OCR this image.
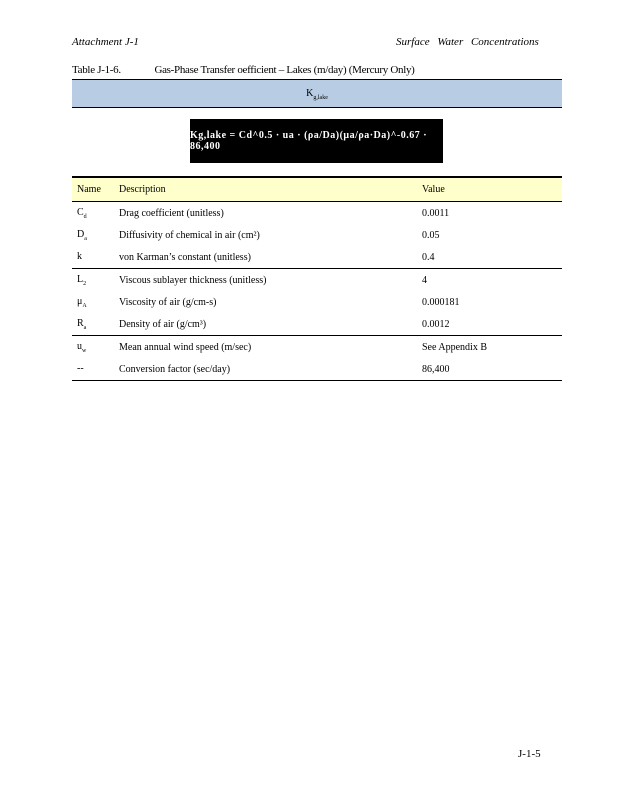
Attachment J-1	Surface Water Concentrations
Table J-1-6.	Gas-Phase Transfer oefficient – Lakes (m/day) (Mercury Only)
$K_{g,lake}$
Kg,lake = Cd^0.5 · ua · (ρa/Da)(μa/ρa·Da)^-0.67 · 86,400
Name	Description	Value
$C_d$	Drag coefficient (unitless)	0.0011
$D_a$	Diffusivity of chemical in air (cm²)	0.05
k	von Karman’s constant (unitless)	0.4
$L_2$	Viscous sublayer thickness (unitless)	4
$\mu_A$	Viscosity of air (g/cm-s)	0.000181
$R_a$	Density of air (g/cm³)	0.0012
$u_w$	Mean annual wind speed (m/sec)	See Appendix B
--	Conversion factor (sec/day)	86,400
J-1-5
